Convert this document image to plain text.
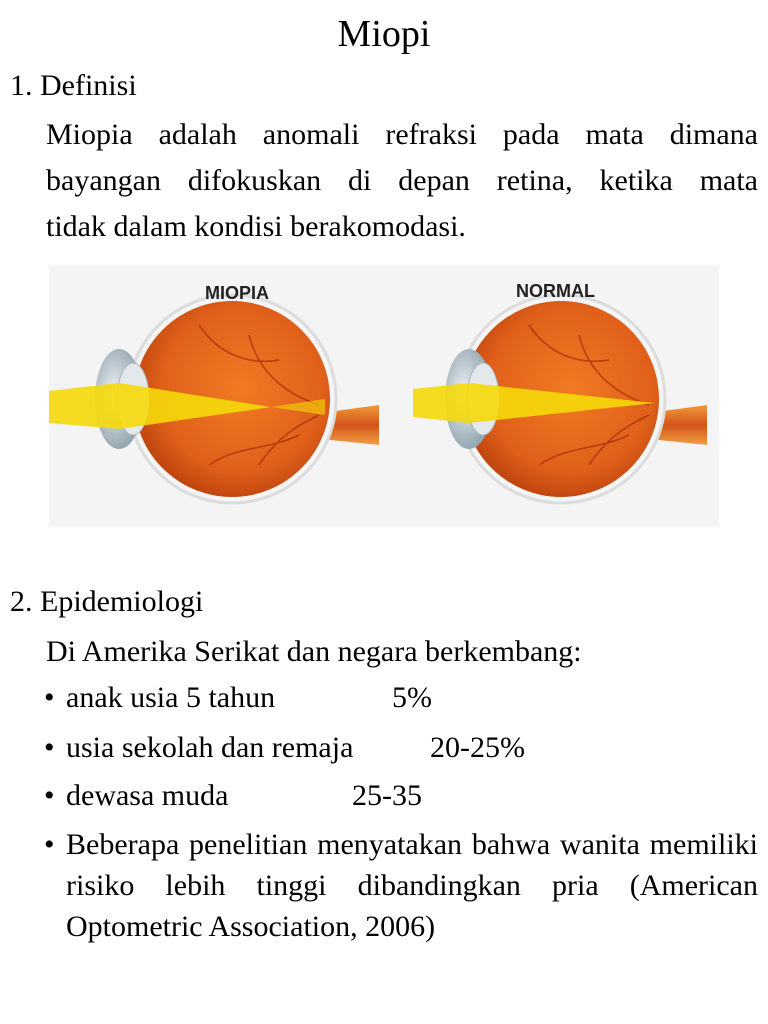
Miopi
1. Definisi
Miopia adalah anomali refraksi pada mata dimana
bayangan difokuskan di depan retina, ketika mata
tidak dalam kondisi berakomodasi.
MIOPIA	NORMAL
2. Epidemiologi
Di Amerika Serikat dan negara berkembang:
• anak usia 5 tahun	5%
• usia sekolah dan remaja	20-25%
• dewasa muda	25-35
• Beberapa penelitian menyatakan bahwa wanita memiliki risiko lebih tinggi dibandingkan pria (American Optometric Association, 2006)
